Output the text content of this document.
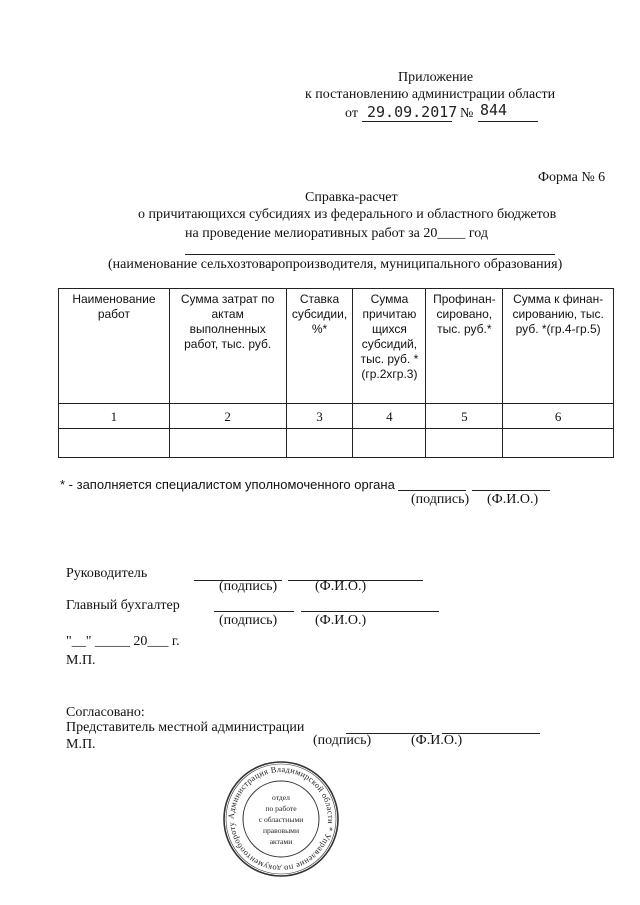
Приложение
к постановлению администрации области
от 29.09.2017 № 844
Форма № 6
Справка-расчет
о причитающихся субсидиях из федерального и областного бюджетов
на проведение мелиоративных работ за 20____ год
(наименование сельхозтоваропроизводителя, муниципального образования)
Наименование работ	Сумма затрат по актам выполненных работ, тыс. руб.	Ставка субсидии, %*	Сумма причитаю щихся субсидий, тыс. руб. *(гр.2хгр.3)	Профинан-сировано, тыс. руб.*	Сумма к финан-сированию, тыс. руб. *(гр.4-гр.5)
1	2	3	4	5	6

* - заполняется специалистом уполномоченного органа
(подпись) (Ф.И.О.)
Руководитель
(подпись)	(Ф.И.О.)
Главный бухгалтер
(подпись)	(Ф.И.О.)
"__" _____ 20___ г.
М.П.
Согласовано:
Представитель местной администрации
М.П.	(подпись)	(Ф.И.О.)
Администрация Владимирской области * Управление по документообороту
отдел
по работе
с областными
правовыми
актами
